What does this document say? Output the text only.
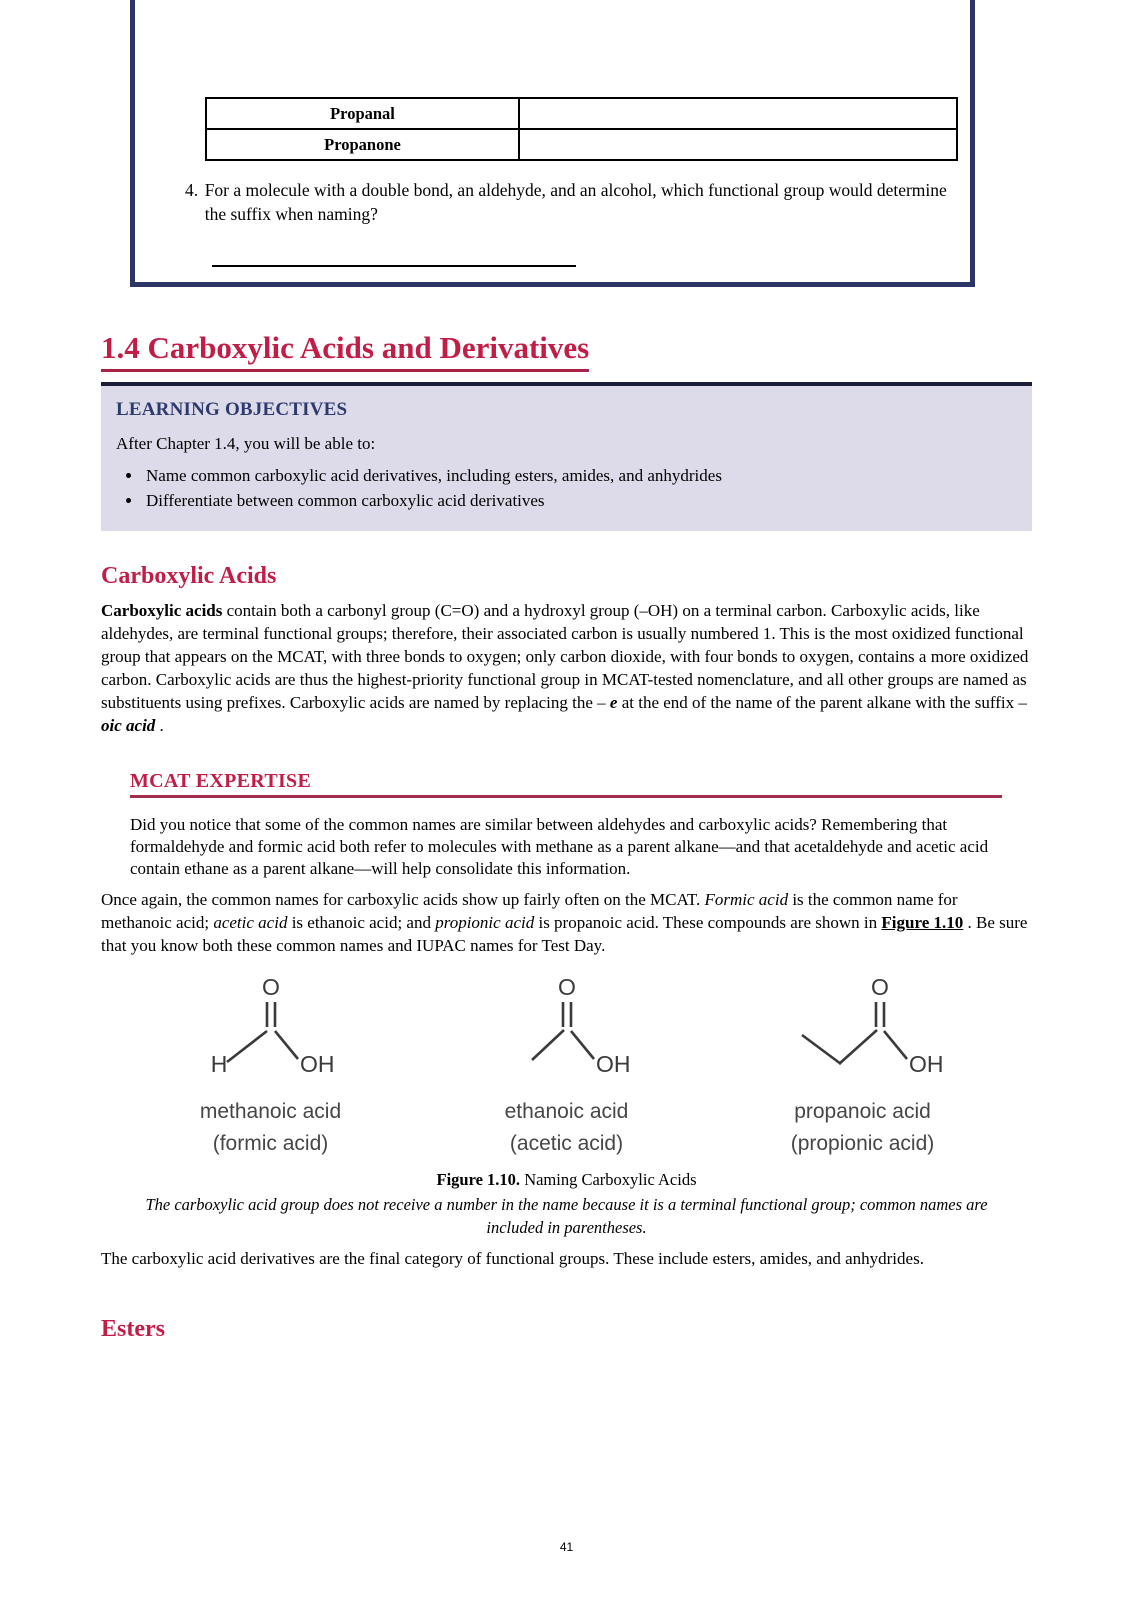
Propanal	
Propanone	
4. For a molecule with a double bond, an aldehyde, and an alcohol, which functional group would determine the suffix when naming?
1.4 Carboxylic Acids and Derivatives
LEARNING OBJECTIVES

After Chapter 1.4, you will be able to:

• Name common carboxylic acid derivatives, including esters, amides, and anhydrides
• Differentiate between common carboxylic acid derivatives
Carboxylic Acids

Carboxylic acids contain both a carbonyl group (C=O) and a hydroxyl group (–OH) on a terminal carbon. Carboxylic acids, like aldehydes, are terminal functional groups; therefore, their associated carbon is usually numbered 1. This is the most oxidized functional group that appears on the MCAT, with three bonds to oxygen; only carbon dioxide, with four bonds to oxygen, contains a more oxidized carbon. Carboxylic acids are thus the highest-priority functional group in MCAT-tested nomenclature, and all other groups are named as substituents using prefixes. Carboxylic acids are named by replacing the – e at the end of the name of the parent alkane with the suffix – oic acid .

MCAT EXPERTISE

Did you notice that some of the common names are similar between aldehydes and carboxylic acids? Remembering that formaldehyde and formic acid both refer to molecules with methane as a parent alkane—and that acetaldehyde and acetic acid contain ethane as a parent alkane—will help consolidate this information.

Once again, the common names for carboxylic acids show up fairly often on the MCAT. Formic acid is the common name for methanoic acid; acetic acid is ethanoic acid; and propionic acid is propanoic acid. These compounds are shown in Figure 1.10 . Be sure that you know both these common names and IUPAC names for Test Day.

O
H	OH
methanoic acid
(formic acid)
O
OH
ethanoic acid
(acetic acid)
O
OH
propanoic acid
(propionic acid)
Figure 1.10. Naming Carboxylic Acids
The carboxylic acid group does not receive a number in the name because it is a terminal functional group; common names are included in parentheses.

The carboxylic acid derivatives are the final category of functional groups. These include esters, amides, and anhydrides.

Esters
41
